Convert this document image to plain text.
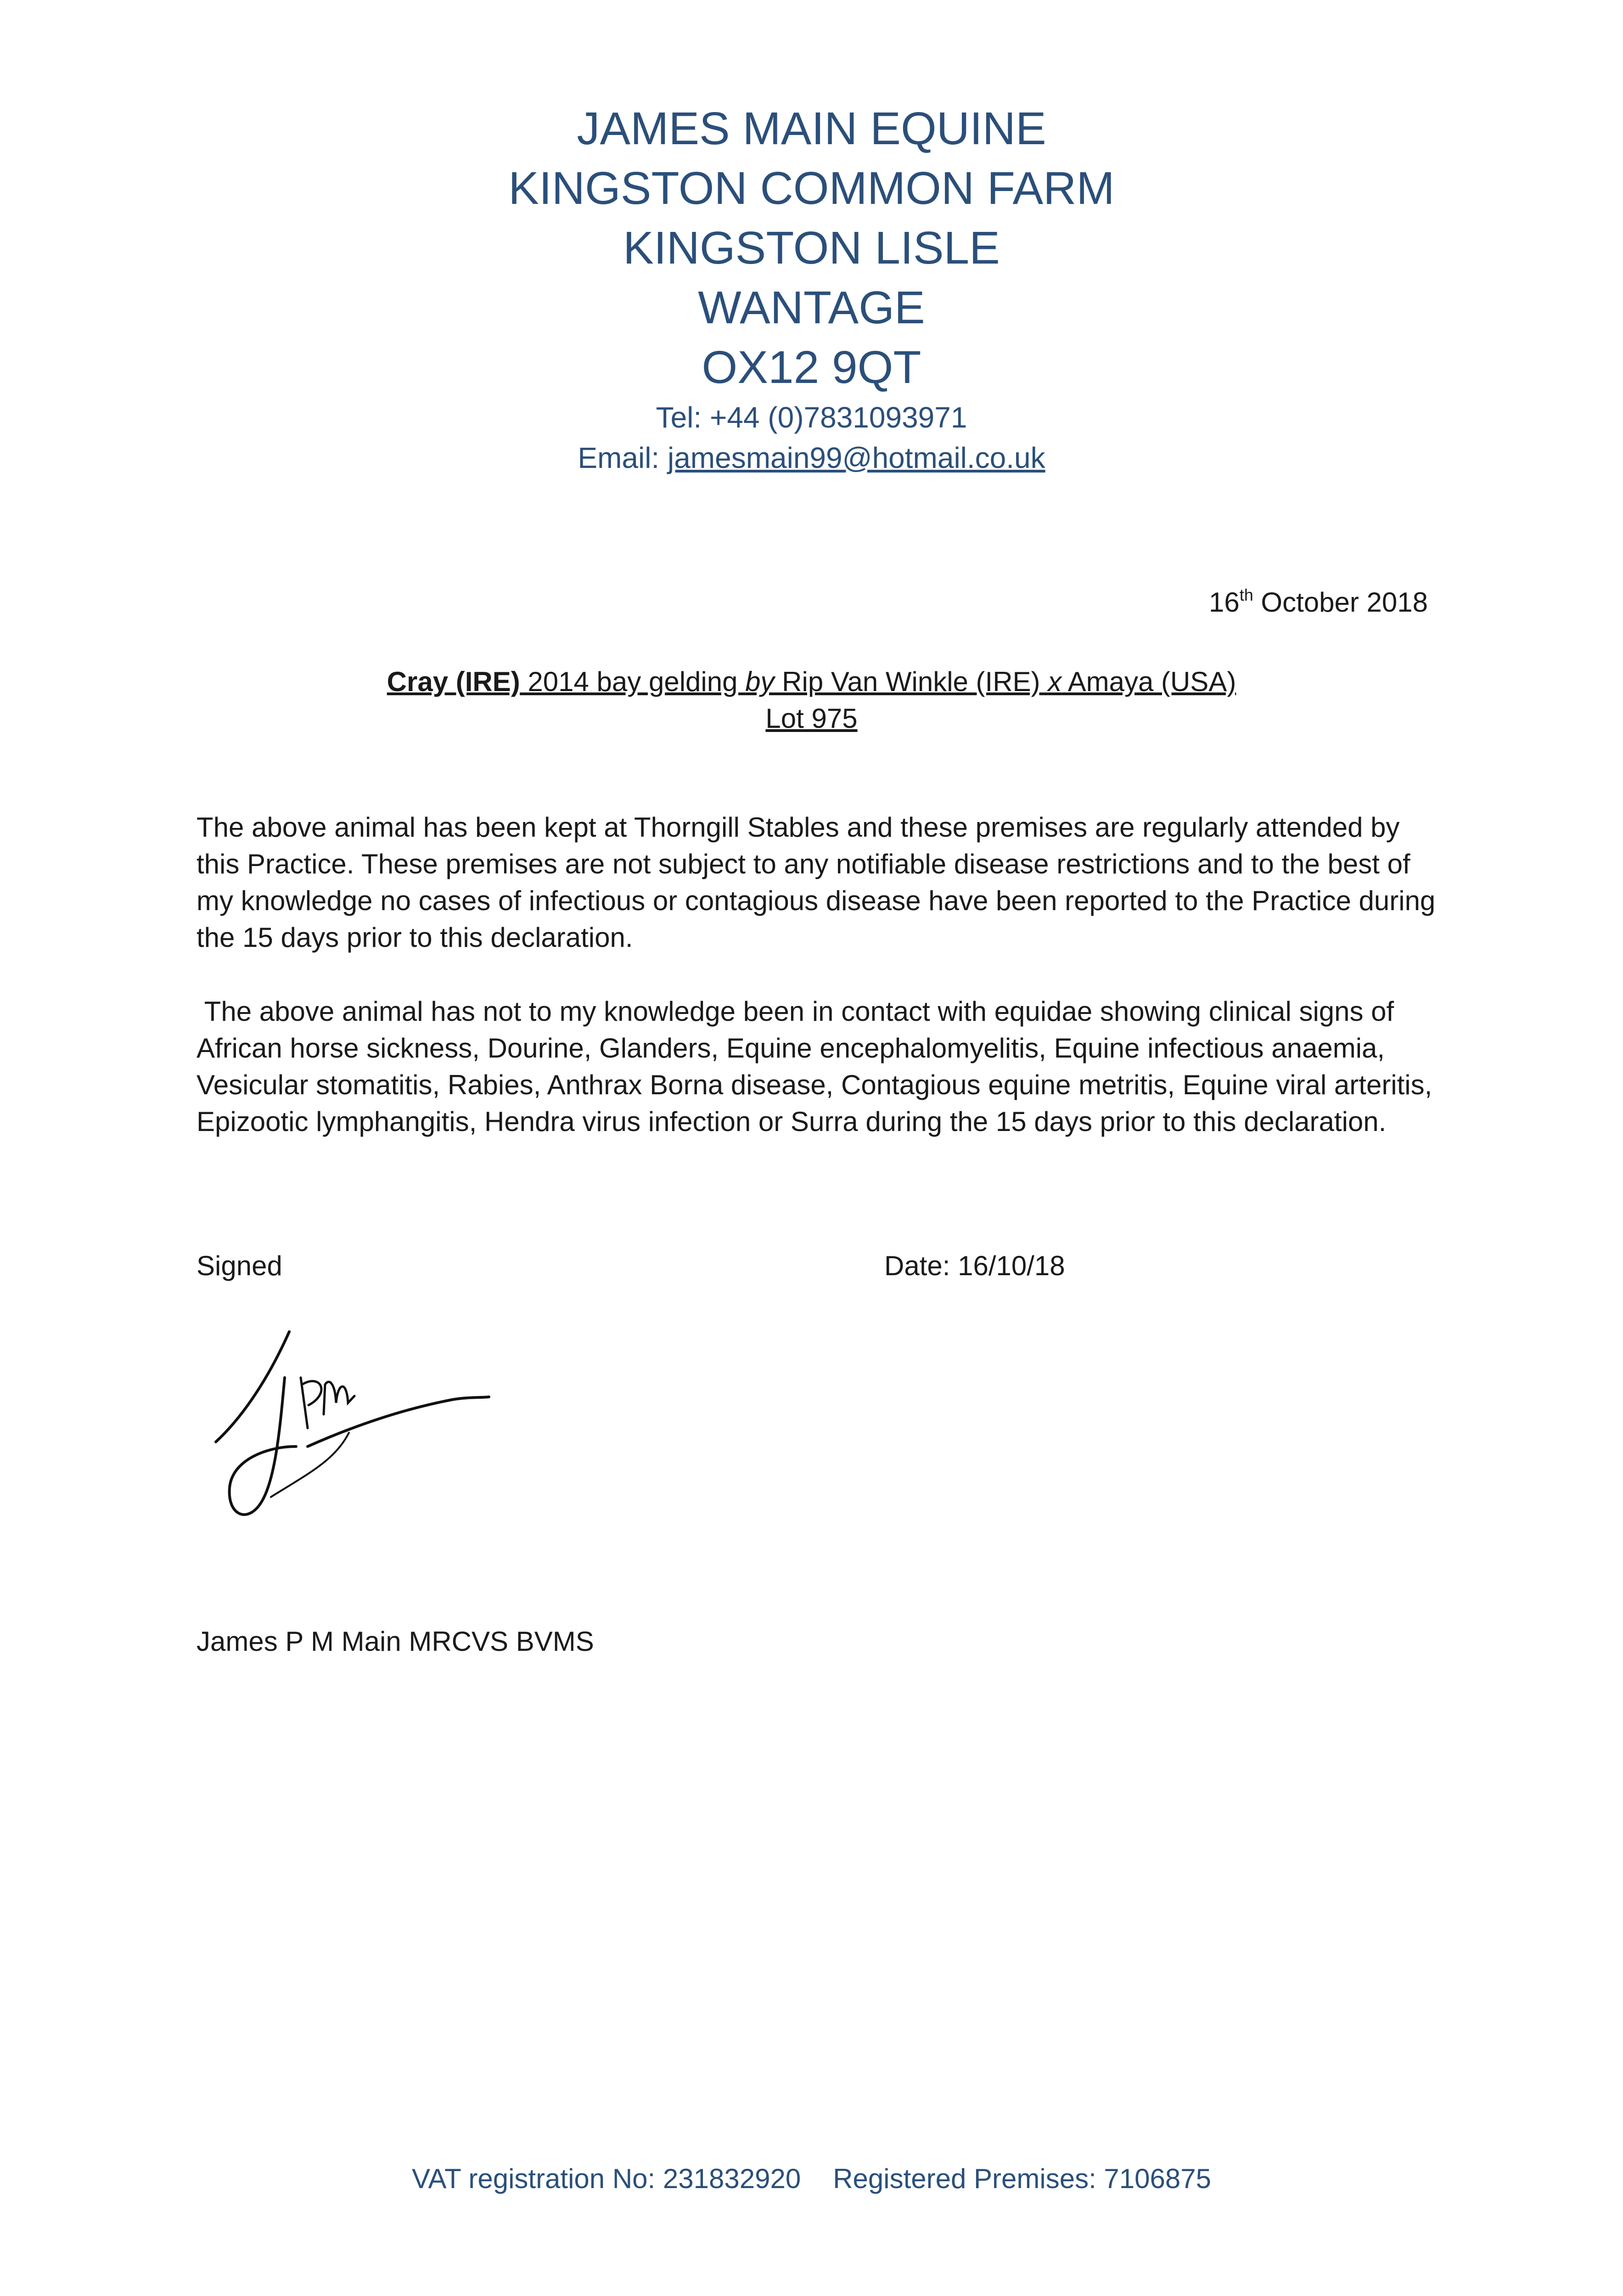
JAMES MAIN EQUINE
KINGSTON COMMON FARM
KINGSTON LISLE
WANTAGE
OX12 9QT
Tel: +44 (0)7831093971
Email: jamesmain99@hotmail.co.uk
16th October 2018
Cray (IRE) 2014 bay gelding by Rip Van Winkle (IRE) x Amaya (USA)
Lot 975

The above animal has been kept at Thorngill Stables and these premises are regularly attended by this Practice. These premises are not subject to any notifiable disease restrictions and to the best of my knowledge no cases of infectious or contagious disease have been reported to the Practice during the 15 days prior to this declaration.

The above animal has not to my knowledge been in contact with equidae showing clinical signs of African horse sickness, Dourine, Glanders, Equine encephalomyelitis, Equine infectious anaemia, Vesicular stomatitis, Rabies, Anthrax Borna disease, Contagious equine metritis, Equine viral arteritis, Epizootic lymphangitis, Hendra virus infection or Surra during the 15 days prior to this declaration.

Signed	Date: 16/10/18
James P M Main MRCVS BVMS
VAT registration No: 231832920 Registered Premises: 7106875
